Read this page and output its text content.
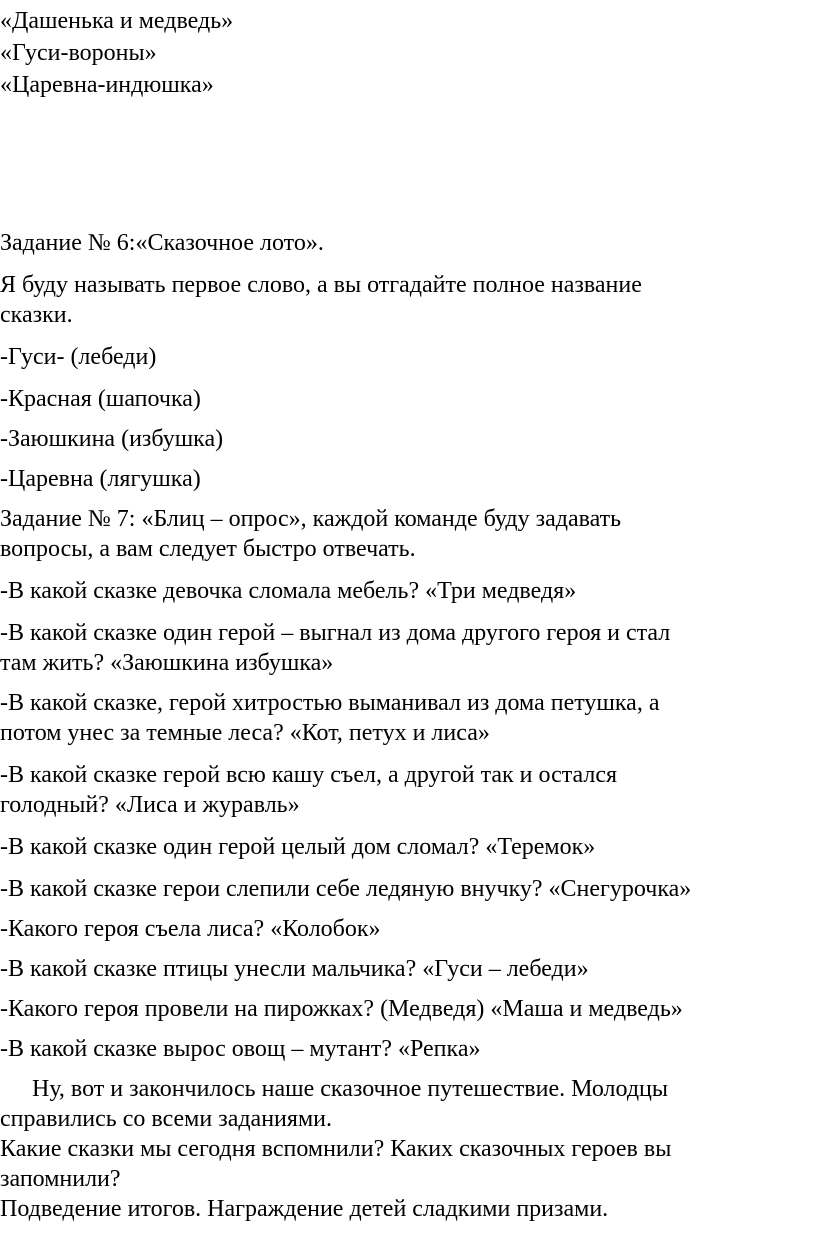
«Дашенька и медведь»

«Гуси-вороны»

«Царевна-индюшка»

Задание № 6:«Сказочное лото».

Я буду называть первое слово, а вы отгадайте полное название

сказки.

-Гуси- (лебеди)

-Красная (шапочка)

-Заюшкина (избушка)

-Царевна (лягушка)

Задание № 7: «Блиц – опрос», каждой команде буду задавать

вопросы, а вам следует быстро отвечать.

-В какой сказке девочка сломала мебель? «Три медведя»

-В какой сказке один герой – выгнал из дома другого героя и стал

там жить? «Заюшкина избушка»

-В какой сказке, герой хитростью выманивал из дома петушка, а

потом унес за темные леса? «Кот, петух и лиса»

-В какой сказке герой всю кашу съел, а другой так и остался

голодный? «Лиса и журавль»

-В какой сказке один герой целый дом сломал? «Теремок»

-В какой сказке герои слепили себе ледяную внучку? «Снегурочка»

-Какого героя съела лиса? «Колобок»

-В какой сказке птицы унесли мальчика? «Гуси – лебеди»

-Какого героя провели на пирожках? (Медведя) «Маша и медведь»

-В какой сказке вырос овощ – мутант? «Репка»

Ну, вот и закончилось наше сказочное путешествие. Молодцы

справились со всеми заданиями.

Какие сказки мы сегодня вспомнили? Каких сказочных героев вы

запомнили?

Подведение итогов. Награждение детей сладкими призами.
